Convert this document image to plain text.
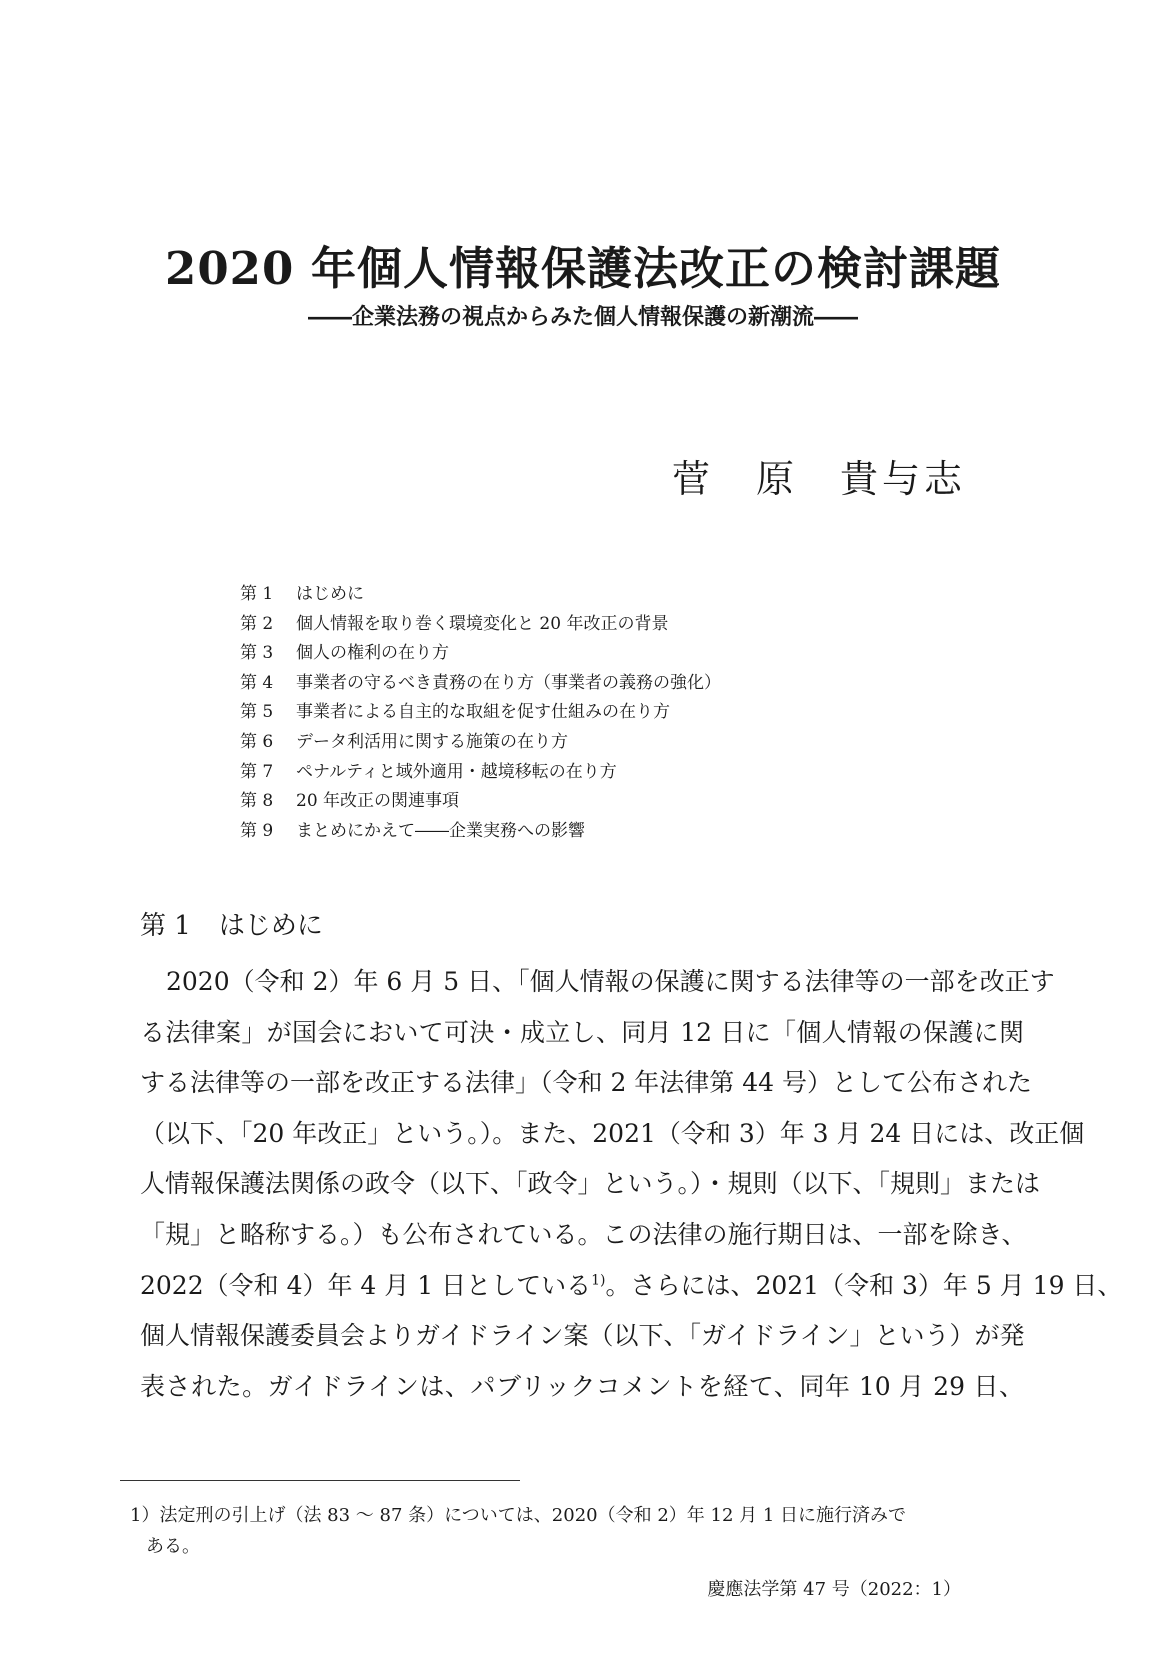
2020 年個人情報保護法改正の検討課題
――企業法務の視点からみた個人情報保護の新潮流――
菅　原　貴与志
第 1	はじめに
第 2	個人情報を取り巻く環境変化と 20 年改正の背景
第 3	個人の権利の在り方
第 4	事業者の守るべき責務の在り方（事業者の義務の強化）
第 5	事業者による自主的な取組を促す仕組みの在り方
第 6	データ利活用に関する施策の在り方
第 7	ペナルティと域外適用・越境移転の在り方
第 8	20 年改正の関連事項
第 9	まとめにかえて――企業実務への影響
第 1 はじめに
2020（令和 2）年 6 月 5 日、「個人情報の保護に関する法律等の一部を改正す
る法律案」が国会において可決・成立し、同月 12 日に「個人情報の保護に関
する法律等の一部を改正する法律」（令和 2 年法律第 44 号）として公布された
（以下、「20 年改正」という。）。また、2021（令和 3）年 3 月 24 日には、改正個
人情報保護法関係の政令（以下、「政令」という。）・規則（以下、「規則」または
「規」と略称する。）も公布されている。この法律の施行期日は、一部を除き、
2022（令和 4）年 4 月 1 日としている$^{1)}$。さらには、2021（令和 3）年 5 月 19 日、
個人情報保護委員会よりガイドライン案（以下、「ガイドライン」という）が発
表された。ガイドラインは、パブリックコメントを経て、同年 10 月 29 日、
1）法定刑の引上げ（法 83 〜 87 条）については、2020（令和 2）年 12 月 1 日に施行済みで
ある。
慶應法学第 47 号（2022：1）
